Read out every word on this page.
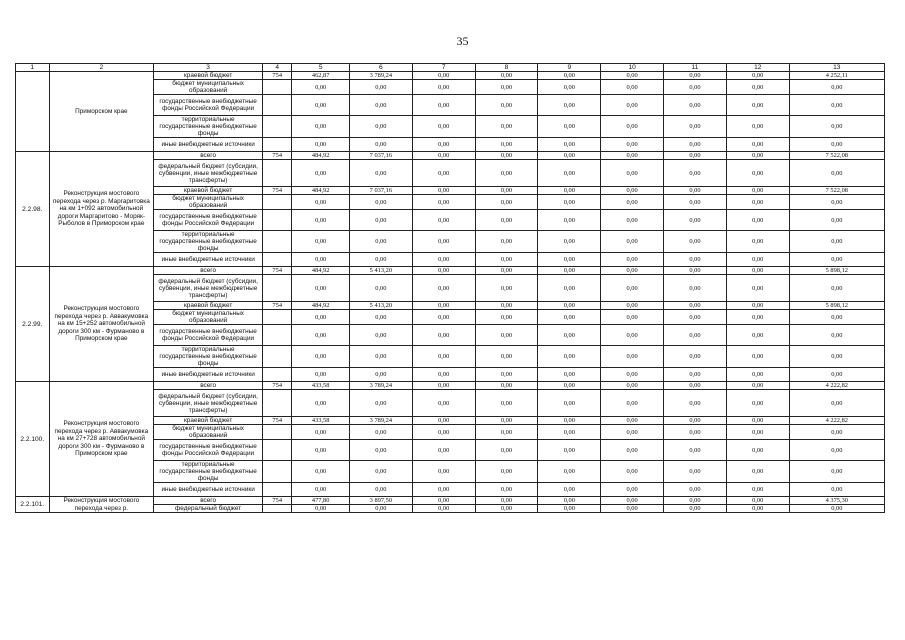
35
1	2	3	4	5	6	7	8	9	10	11	12	13
	Приморском крае	краевой бюджет	754	462,87	3 789,24	0,00	0,00	0,00	0,00	0,00	0,00	4 252,11
		бюджет муниципальных образований		0,00	0,00	0,00	0,00	0,00	0,00	0,00	0,00	0,00
		государственные внебюджетные фонды Российской Федерации		0,00	0,00	0,00	0,00	0,00	0,00	0,00	0,00	0,00
		территориальные государственные внебюджетные фонды		0,00	0,00	0,00	0,00	0,00	0,00	0,00	0,00	0,00
		иные внебюджетные источники		0,00	0,00	0,00	0,00	0,00	0,00	0,00	0,00	0,00
2.2.98.	Реконструкция мостового перехода через р. Маргаритовка на км 1+092 автомобильной дороги Маргаритово - Моряк-Рыболов в Приморском крае	всего	754	484,92	7 037,16	0,00	0,00	0,00	0,00	0,00	0,00	7 522,08
		федеральный бюджет (субсидии, субвенции, иные межбюджетные трансферты)		0,00	0,00	0,00	0,00	0,00	0,00	0,00	0,00	0,00
		краевой бюджет	754	484,92	7 037,16	0,00	0,00	0,00	0,00	0,00	0,00	7 522,08
		бюджет муниципальных образований		0,00	0,00	0,00	0,00	0,00	0,00	0,00	0,00	0,00
		государственные внебюджетные фонды Российской Федерации		0,00	0,00	0,00	0,00	0,00	0,00	0,00	0,00	0,00
		территориальные государственные внебюджетные фонды		0,00	0,00	0,00	0,00	0,00	0,00	0,00	0,00	0,00
		иные внебюджетные источники		0,00	0,00	0,00	0,00	0,00	0,00	0,00	0,00	0,00
2.2.99.	Реконструкция мостового перехода через р. Аввакумовка на км 15+252 автомобильной дороги 300 км - Фурманово в Приморском крае	всего	754	484,92	5 413,20	0,00	0,00	0,00	0,00	0,00	0,00	5 898,12
		федеральный бюджет (субсидии, субвенции, иные межбюджетные трансферты)		0,00	0,00	0,00	0,00	0,00	0,00	0,00	0,00	0,00
		краевой бюджет	754	484,92	5 413,20	0,00	0,00	0,00	0,00	0,00	0,00	5 898,12
		бюджет муниципальных образований		0,00	0,00	0,00	0,00	0,00	0,00	0,00	0,00	0,00
		государственные внебюджетные фонды Российской Федерации		0,00	0,00	0,00	0,00	0,00	0,00	0,00	0,00	0,00
		территориальные государственные внебюджетные фонды		0,00	0,00	0,00	0,00	0,00	0,00	0,00	0,00	0,00
		иные внебюджетные источники		0,00	0,00	0,00	0,00	0,00	0,00	0,00	0,00	0,00
2.2.100.	Реконструкция мостового перехода через р. Аввакумовка на км 27+728 автомобильной дороги 300 км - Фурманово в Приморском крае	всего	754	433,58	3 789,24	0,00	0,00	0,00	0,00	0,00	0,00	4 222,82
		федеральный бюджет (субсидии, субвенции, иные межбюджетные трансферты)		0,00	0,00	0,00	0,00	0,00	0,00	0,00	0,00	0,00
		краевой бюджет	754	433,58	3 789,24	0,00	0,00	0,00	0,00	0,00	0,00	4 222,82
		бюджет муниципальных образований		0,00	0,00	0,00	0,00	0,00	0,00	0,00	0,00	0,00
		государственные внебюджетные фонды Российской Федерации		0,00	0,00	0,00	0,00	0,00	0,00	0,00	0,00	0,00
		территориальные государственные внебюджетные фонды		0,00	0,00	0,00	0,00	0,00	0,00	0,00	0,00	0,00
		иные внебюджетные источники		0,00	0,00	0,00	0,00	0,00	0,00	0,00	0,00	0,00
2.2.101.	Реконструкция мостового перехода через р.	всего	754	477,80	3 897,50	0,00	0,00	0,00	0,00	0,00	0,00	4 375,30
		федеральный бюджет		0,00	0,00	0,00	0,00	0,00	0,00	0,00	0,00	0,00
